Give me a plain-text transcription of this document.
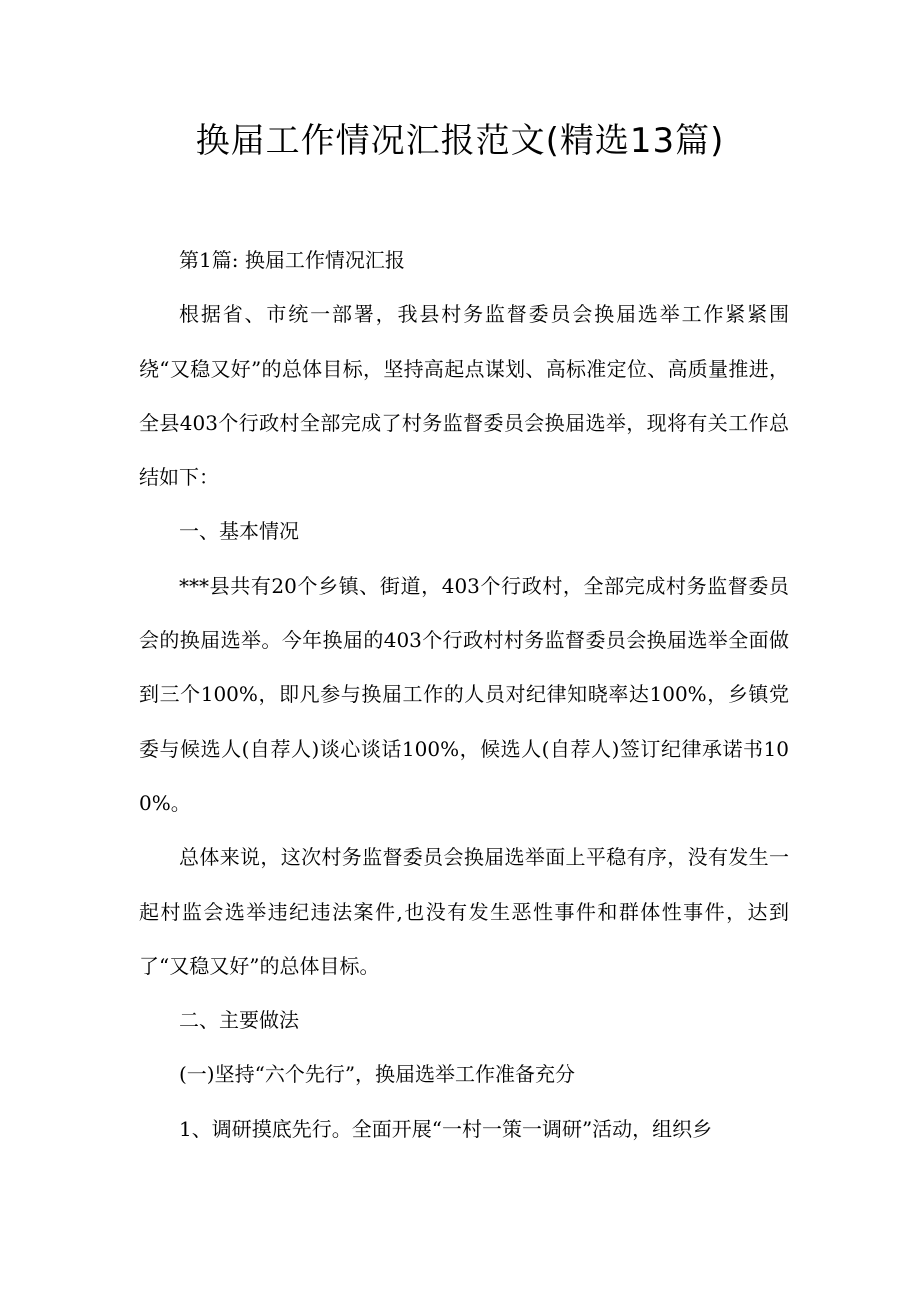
换届工作情况汇报范文(精选13篇)

第1篇: 换届工作情况汇报

根据省、市统一部署，我县村务监督委员会换届选举工作紧紧围绕“又稳又好”的总体目标，坚持高起点谋划、高标准定位、高质量推进，全县403个行政村全部完成了村务监督委员会换届选举，现将有关工作总结如下：

一、基本情况

***县共有20个乡镇、街道，403个行政村，全部完成村务监督委员会的换届选举。今年换届的403个行政村村务监督委员会换届选举全面做到三个100%，即凡参与换届工作的人员对纪律知晓率达100%，乡镇党委与候选人(自荐人)谈心谈话100%，候选人(自荐人)签订纪律承诺书100%。

总体来说，这次村务监督委员会换届选举面上平稳有序，没有发生一起村监会选举违纪违法案件,也没有发生恶性事件和群体性事件，达到了“又稳又好”的总体目标。

二、主要做法

(一)坚持“六个先行”，换届选举工作准备充分

1、调研摸底先行。全面开展“一村一策一调研”活动，组织乡
